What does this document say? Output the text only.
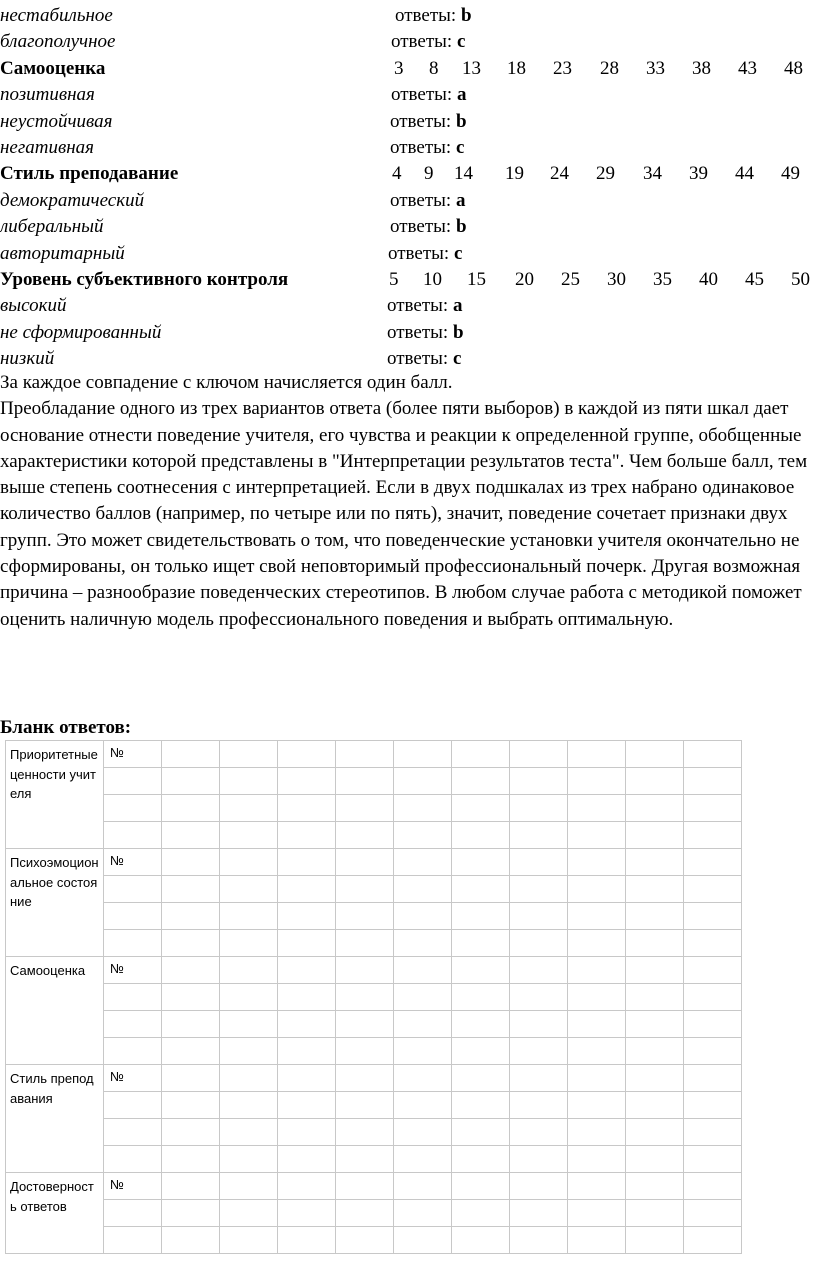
нестабильное	ответы: b
благополучное	ответы: c
Самооценка	3 8 13 18 23 28 33 38 43 48
позитивная	ответы: a
неустойчивая	ответы: b
негативная	ответы: c
Стиль преподавание	4 9 14 19 24 29 34 39 44 49
демократический	ответы: a
либеральный	ответы: b
авторитарный	ответы: c
Уровень субъективного контроля	5 10 15 20 25 30 35 40 45 50
высокий	ответы: a
не сформированный	ответы: b
низкий	ответы: c

За каждое совпадение с ключом начисляется один балл.

Преобладание одного из трех вариантов ответа (более пяти выборов) в каждой из пяти шкал дает основание отнести поведение учителя, его чувства и реакции к определенной группе, обобщенные характеристики которой представлены в "Интерпретации результатов теста". Чем больше балл, тем выше степень соотнесения с интерпретацией. Если в двух подшкалах из трех набрано одинаковое количество баллов (например, по четыре или по пять), значит, поведение сочетает признаки двух групп. Это может свидетельствовать о том, что поведенческие установки учителя окончательно не сформированы, он только ищет свой неповторимый профессиональный почерк. Другая возможная причина – разнообразие поведенческих стереотипов. В любом случае работа с методикой поможет оценить наличную модель профессионального поведения и выбрать оптимальную.

Бланк ответов:
Приоритетные ценности учителя	№										

Психоэмоциональное состояние	№										

Самооценка	№										

Стиль преподавания	№										

Достоверность ответов	№										
